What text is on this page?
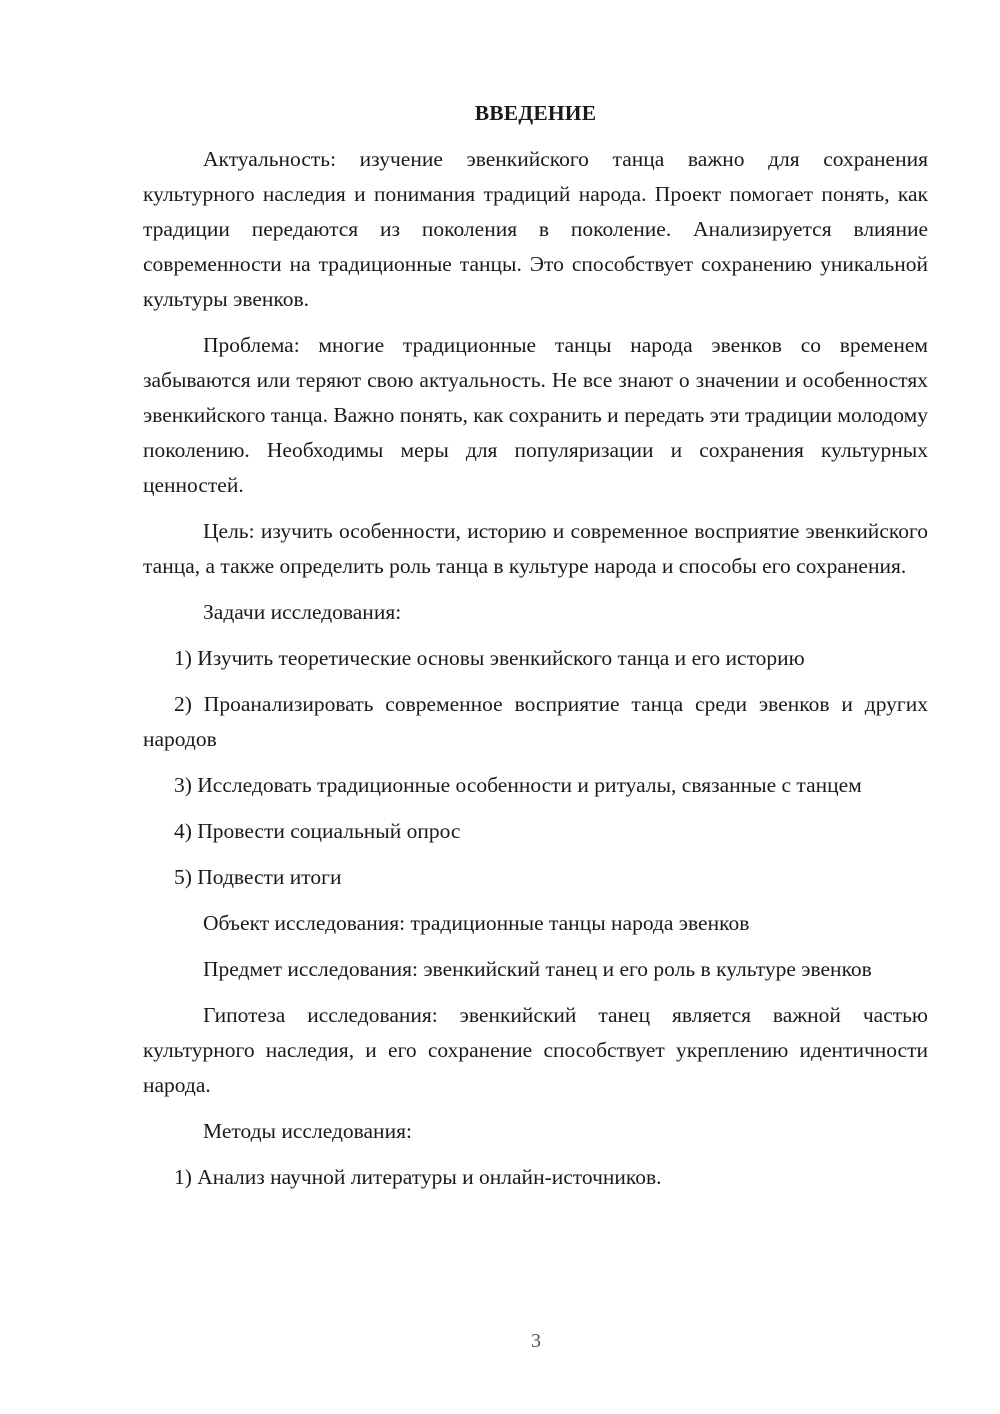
ВВЕДЕНИЕ

Актуальность: изучение эвенкийского танца важно для сохранения культурного наследия и понимания традиций народа. Проект помогает понять, как традиции передаются из поколения в поколение. Анализируется влияние современности на традиционные танцы. Это способствует сохранению уникальной культуры эвенков.

Проблема: многие традиционные танцы народа эвенков со временем забываются или теряют свою актуальность. Не все знают о значении и особенностях эвенкийского танца. Важно понять, как сохранить и передать эти традиции молодому поколению. Необходимы меры для популяризации и сохранения культурных ценностей.

Цель: изучить особенности, историю и современное восприятие эвенкийского танца, а также определить роль танца в культуре народа и способы его сохранения.

Задачи исследования:

1) Изучить теоретические основы эвенкийского танца и его историю

2) Проанализировать современное восприятие танца среди эвенков и других народов

3) Исследовать традиционные особенности и ритуалы, связанные с танцем

4) Провести социальный опрос

5) Подвести итоги

Объект исследования: традиционные танцы народа эвенков

Предмет исследования: эвенкийский танец и его роль в культуре эвенков

Гипотеза исследования: эвенкийский танец является важной частью культурного наследия, и его сохранение способствует укреплению идентичности народа.

Методы исследования:

1) Анализ научной литературы и онлайн-источников.

3
